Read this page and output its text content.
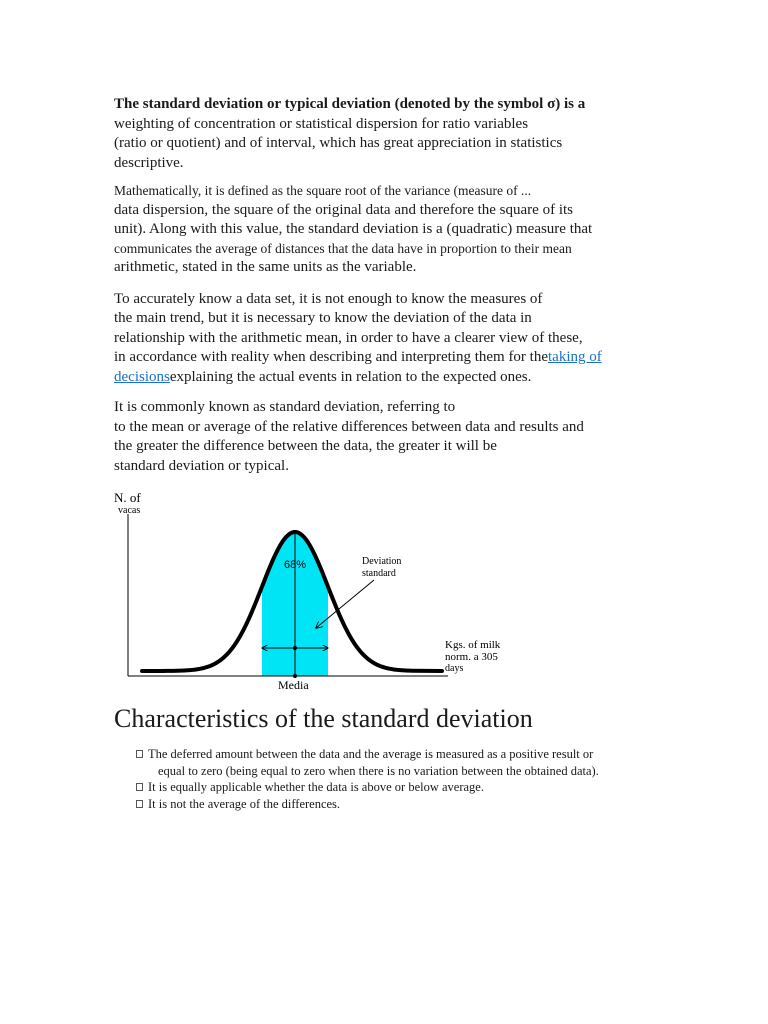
The standard deviation or typical deviation (denoted by the symbol σ) is a
weighting of concentration or statistical dispersion for ratio variables
(ratio or quotient) and of interval, which has great appreciation in statistics
descriptive.
Mathematically, it is defined as the square root of the variance (measure of ...
data dispersion, the square of the original data and therefore the square of its
unit). Along with this value, the standard deviation is a (quadratic) measure that
communicates the average of distances that the data have in proportion to their mean
arithmetic, stated in the same units as the variable.
To accurately know a data set, it is not enough to know the measures of
the main trend, but it is necessary to know the deviation of the data in
relationship with the arithmetic mean, in order to have a clearer view of these,
in accordance with reality when describing and interpreting them for thetaking of
decisionsexplaining the actual events in relation to the expected ones.
It is commonly known as standard deviation, referring to
to the mean or average of the relative differences between data and results and
the greater the difference between the data, the greater it will be
standard deviation or typical.
N. of
vacas
68%	Deviation
standard
Kgs. of milk
norm. a 305
days
Media
Characteristics of the standard deviation
The deferred amount between the data and the average is measured as a positive result or
equal to zero (being equal to zero when there is no variation between the obtained data).
It is equally applicable whether the data is above or below average.
It is not the average of the differences.
